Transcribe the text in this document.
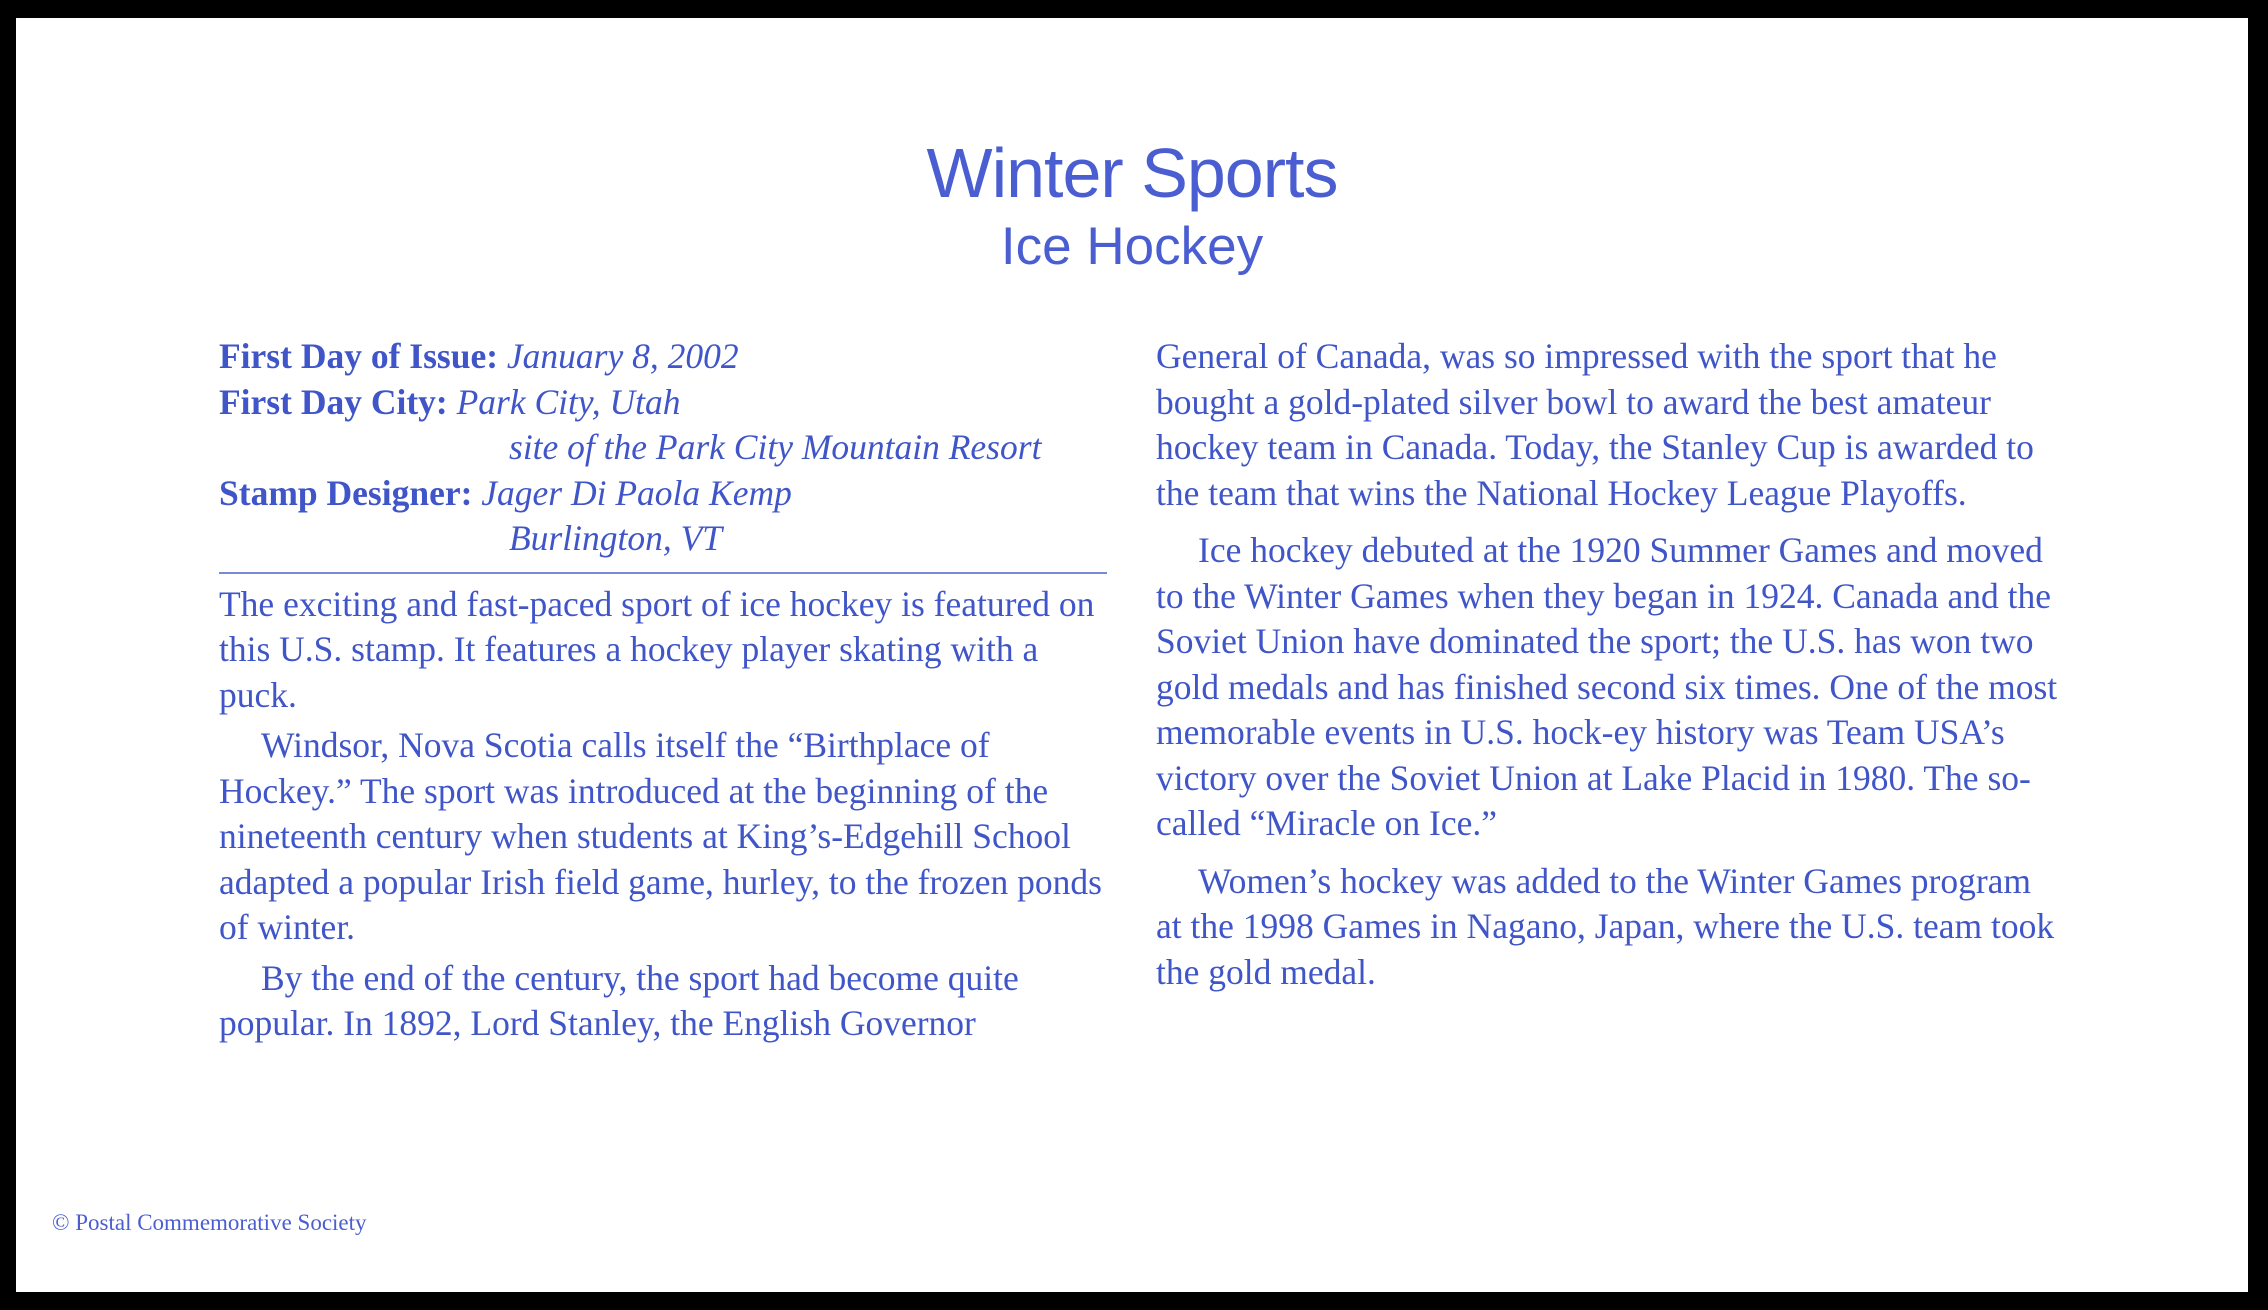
Winter Sports
Ice Hockey
First Day of Issue: January 8, 2002
First Day City: Park City, Utah
site of the Park City Mountain Resort
Stamp Designer: Jager Di Paola Kemp
Burlington, VT

The exciting and fast-paced sport of ice hockey is featured on this U.S. stamp. It features a hockey player skating with a puck.

Windsor, Nova Scotia calls itself the “Birthplace of Hockey.” The sport was introduced at the beginning of the nineteenth century when students at King’s-Edgehill School adapted a popular Irish field game, hurley, to the frozen ponds of winter.

By the end of the century, the sport had become quite popular. In 1892, Lord Stanley, the English Governor

General of Canada, was so impressed with the sport that he bought a gold-plated silver bowl to award the best amateur hockey team in Canada. Today, the Stanley Cup is awarded to the team that wins the National Hockey League Playoffs.

Ice hockey debuted at the 1920 Summer Games and moved to the Winter Games when they began in 1924. Canada and the Soviet Union have dominated the sport; the U.S. has won two gold medals and has finished second six times. One of the most memorable events in U.S. hock-ey history was Team USA’s victory over the Soviet Union at Lake Placid in 1980. The so-called “Miracle on Ice.”

Women’s hockey was added to the Winter Games program at the 1998 Games in Nagano, Japan, where the U.S. team took the gold medal.

© Postal Commemorative Society
